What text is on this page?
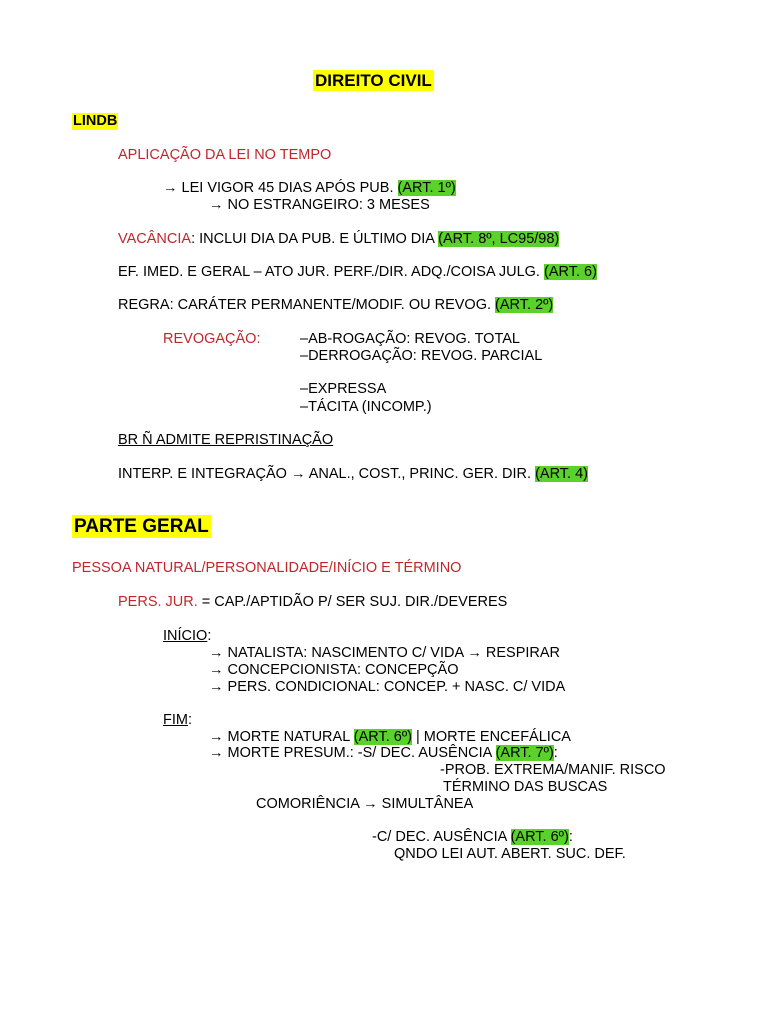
DIREITO CIVIL
LINDB
APLICAÇÃO DA LEI NO TEMPO
→ LEI VIGOR 45 DIAS APÓS PUB. (ART. 1º)
→ NO ESTRANGEIRO: 3 MESES
VACÂNCIA: INCLUI DIA DA PUB. E ÚLTIMO DIA (ART. 8º, LC95/98)
EF. IMED. E GERAL – ATO JUR. PERF./DIR. ADQ./COISA JULG. (ART. 6)
REGRA: CARÁTER PERMANENTE/MODIF. OU REVOG. (ART. 2º)
REVOGAÇÃO:	–AB-ROGAÇÃO: REVOG. TOTAL
–DERROGAÇÃO: REVOG. PARCIAL
–EXPRESSA
–TÁCITA (INCOMP.)
BR Ñ ADMITE REPRISTINAÇÃO
INTERP. E INTEGRAÇÃO → ANAL., COST., PRINC. GER. DIR. (ART. 4)
PARTE GERAL
PESSOA NATURAL/PERSONALIDADE/INÍCIO E TÉRMINO
PERS. JUR. = CAP./APTIDÃO P/ SER SUJ. DIR./DEVERES
INÍCIO:
→ NATALISTA: NASCIMENTO C/ VIDA → RESPIRAR
→ CONCEPCIONISTA: CONCEPÇÃO
→ PERS. CONDICIONAL: CONCEP. + NASC. C/ VIDA
FIM:
→ MORTE NATURAL (ART. 6º) | MORTE ENCEFÁLICA
→ MORTE PRESUM.: -S/ DEC. AUSÊNCIA (ART. 7º):
-PROB. EXTREMA/MANIF. RISCO
TÉRMINO DAS BUSCAS
COMORIÊNCIA → SIMULTÂNEA
-C/ DEC. AUSÊNCIA (ART. 6º):
QNDO LEI AUT. ABERT. SUC. DEF.
